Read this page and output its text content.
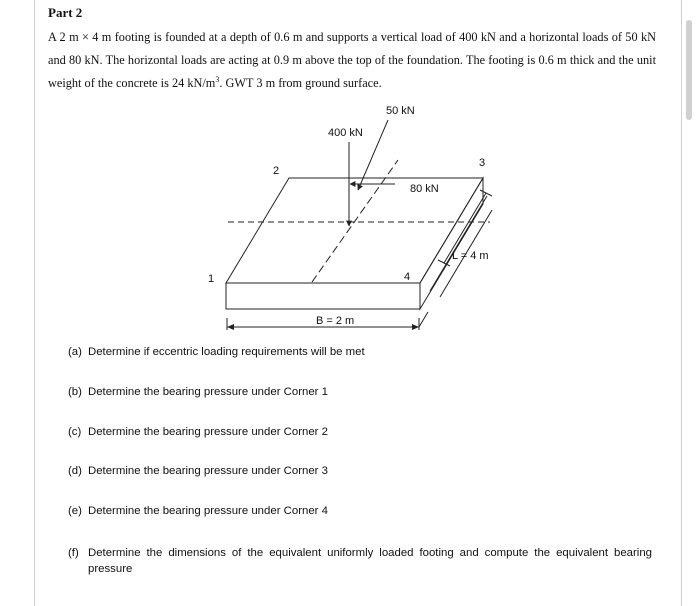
Part 2
A 2 m × 4 m footing is founded at a depth of 0.6 m and supports a vertical load of 400 kN and a horizontal loads of 50 kN and 80 kN. The horizontal loads are acting at 0.9 m above the top of the foundation. The footing is 0.6 m thick and the unit weight of the concrete is 24 $kN/m^3$. GWT 3 m from ground surface.
50 kN
400 kN
80 kN
1
2
3
4
L = 4 m
B = 2 m
(a) Determine if eccentric loading requirements will be met
(b) Determine the bearing pressure under Corner 1
(c) Determine the bearing pressure under Corner 2
(d) Determine the bearing pressure under Corner 3
(e) Determine the bearing pressure under Corner 4
(f) Determine the dimensions of the equivalent uniformly loaded footing and compute the equivalent bearing pressure
